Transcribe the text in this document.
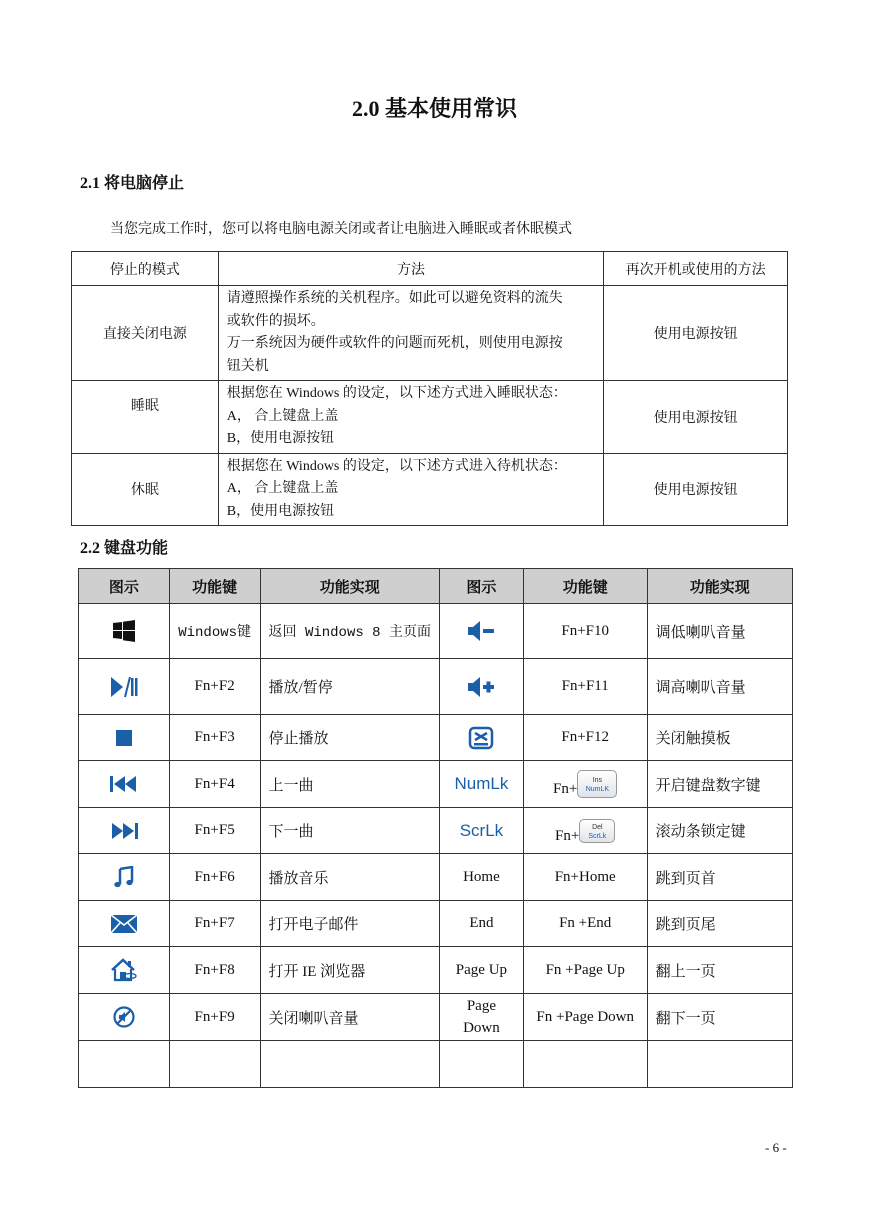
2.0 基本使用常识
2.1 将电脑停止
当您完成工作时，您可以将电脑电源关闭或者让电脑进入睡眠或者休眠模式
停止的模式	方法	再次开机或使用的方法
直接关闭电源	请遵照操作系统的关机程序。如此可以避免资料的流失
或软件的损坏。
万一系统因为硬件或软件的问题而死机，则使用电源按
钮关机	使用电源按钮
睡眠	根据您在 Windows 的设定，以下述方式进入睡眠状态：
A， 合上键盘上盖
B，使用电源按钮	使用电源按钮
休眠	根据您在 Windows 的设定，以下述方式进入待机状态：
A， 合上键盘上盖
B，使用电源按钮	使用电源按钮
2.2 键盘功能
图示	功能键	功能实现	图示	功能键	功能实现

	Windows键	返回 Windows 8 主页面		Fn+F10	调低喇叭音量

	Fn+F2	播放/暂停		Fn+F11	调高喇叭音量

	Fn+F3	停止播放		Fn+F12	关闭触摸板

	Fn+F4	上一曲	NumLk	Fn+
Ins
NumLK	开启键盘数字键

	Fn+F5	下一曲	ScrLk	Fn+
Del
ScrLk	滚动条锁定键

	Fn+F6	播放音乐	Home	Fn+Home	跳到页首

	Fn+F7	打开电子邮件	End	Fn +End	跳到页尾

	Fn+F8	打开 IE 浏览器	Page Up	Fn +Page Up	翻上一页

	Fn+F9	关闭喇叭音量	Page Down	Fn +Page Down	翻下一页

- 6 -
